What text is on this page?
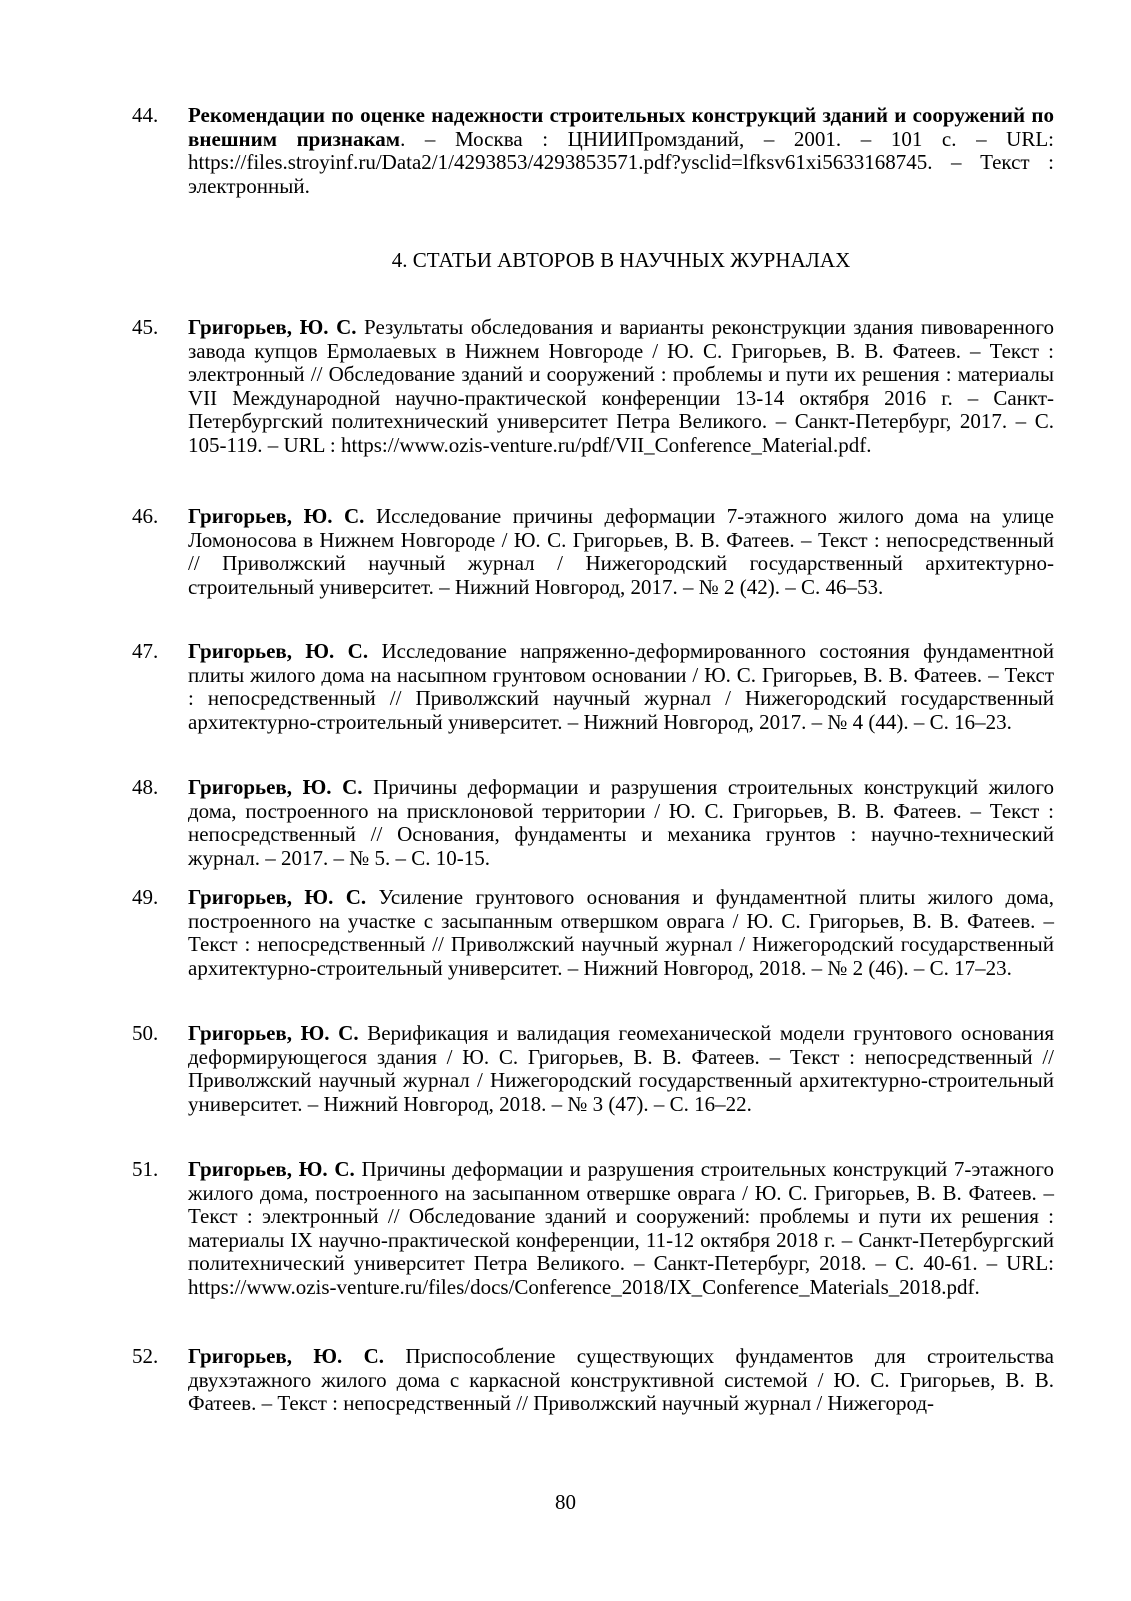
44.	Рекомендации по оценке надежности строительных конструкций зданий и сооружений по внешним признакам. – Москва : ЦНИИПромзданий, – 2001. – 101 с. – URL: https://files.stroyinf.ru/Data2/1/4293853/4293853571.pdf?ysclid=lfksv61xi5633168745. – Текст : электронный.
4. СТАТЬИ АВТОРОВ В НАУЧНЫХ ЖУРНАЛАХ
45.	Григорьев, Ю. С. Результаты обследования и варианты реконструкции здания пивоваренного завода купцов Ермолаевых в Нижнем Новгороде / Ю. С. Григорьев, В. В. Фатеев. – Текст : электронный // Обследование зданий и сооружений : проблемы и пути их решения : материалы VII Международной научно-практической конференции 13-14 октября 2016 г. – Санкт-Петербургский политехнический университет Петра Великого. – Санкт-Петербург, 2017. – С. 105-119. – URL : https://www.ozis-venture.ru/pdf/VII_Conference_Material.pdf.
46.	Григорьев, Ю. С. Исследование причины деформации 7-этажного жилого дома на улице Ломоносова в Нижнем Новгороде / Ю. С. Григорьев, В. В. Фатеев. – Текст : непосредственный // Приволжский научный журнал / Нижегородский государственный архитектурно-строительный университет. – Нижний Новгород, 2017. – № 2 (42). – С. 46–53.
47.	Григорьев, Ю. С. Исследование напряженно-деформированного состояния фундаментной плиты жилого дома на насыпном грунтовом основании / Ю. С. Григорьев, В. В. Фатеев. – Текст : непосредственный // Приволжский научный журнал / Нижегородский государственный архитектурно-строительный университет. – Нижний Новгород, 2017. – № 4 (44). – С. 16–23.
48.	Григорьев, Ю. С. Причины деформации и разрушения строительных конструкций жилого дома, построенного на присклоновой территории / Ю. С. Григорьев, В. В. Фатеев. – Текст : непосредственный // Основания, фундаменты и механика грунтов : научно-технический журнал. – 2017. – № 5. – С. 10-15.
49.	Григорьев, Ю. С. Усиление грунтового основания и фундаментной плиты жилого дома, построенного на участке с засыпанным отвершком оврага / Ю. С. Григорьев, В. В. Фатеев. – Текст : непосредственный // Приволжский научный журнал / Нижегородский государственный архитектурно-строительный университет. – Нижний Новгород, 2018. – № 2 (46). – С. 17–23.
50.	Григорьев, Ю. С. Верификация и валидация геомеханической модели грунтового основания деформирующегося здания / Ю. С. Григорьев, В. В. Фатеев. – Текст : непосредственный // Приволжский научный журнал / Нижегородский государственный архитектурно-строительный университет. – Нижний Новгород, 2018. – № 3 (47). – С. 16–22.
51.	Григорьев, Ю. С. Причины деформации и разрушения строительных конструкций 7-этажного жилого дома, построенного на засыпанном отвершке оврага / Ю. С. Григорьев, В. В. Фатеев. – Текст : электронный // Обследование зданий и сооружений: проблемы и пути их решения : материалы IX научно-практической конференции, 11-12 октября 2018 г. – Санкт-Петербургский политехнический университет Петра Великого. – Санкт-Петербург, 2018. – С. 40-61. – URL: https://www.ozis-venture.ru/files/docs/Conference_2018/IX_Conference_Materials_2018.pdf.
52.	Григорьев, Ю. С. Приспособление существующих фундаментов для строительства двухэтажного жилого дома с каркасной конструктивной системой / Ю. С. Григорьев, В. В. Фатеев. – Текст : непосредственный // Приволжский научный журнал / Нижегород-
80
